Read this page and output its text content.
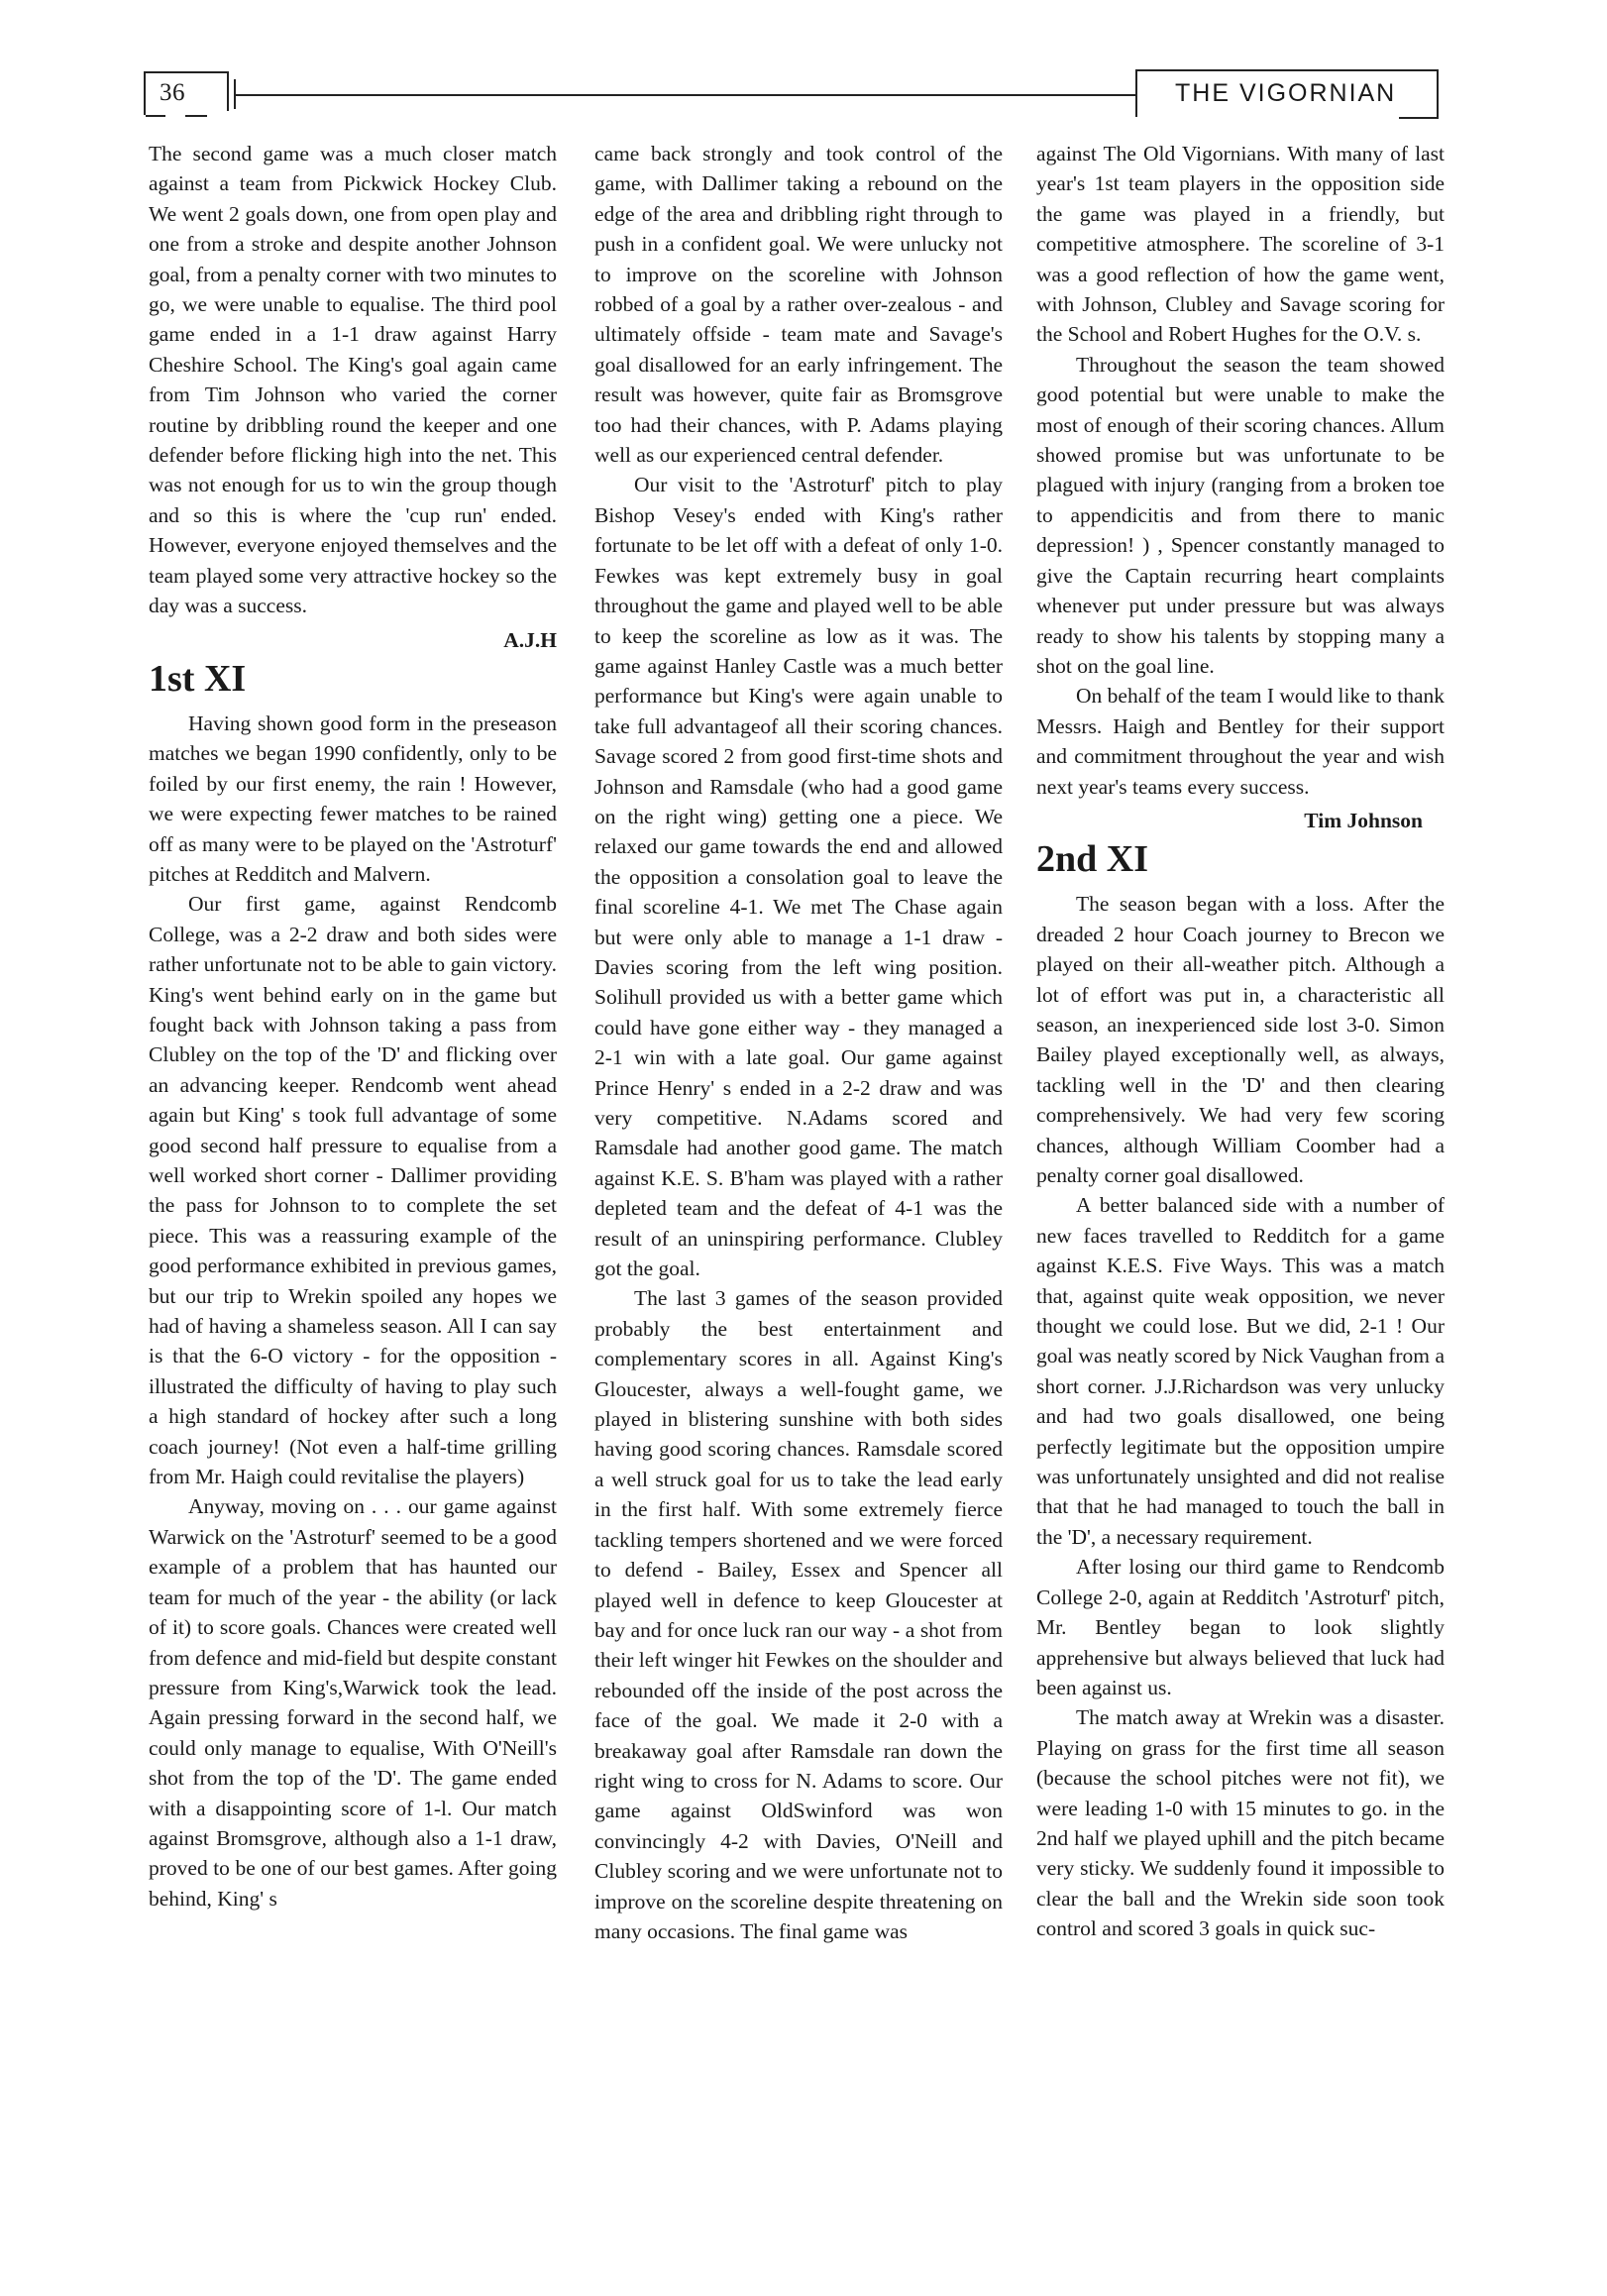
36	THE VIGORNIAN

The second game was a much closer match against a team from Pickwick Hockey Club. We went 2 goals down, one from open play and one from a stroke and despite another Johnson goal, from a penalty corner with two minutes to go, we were unable to equalise. The third pool game ended in a 1-1 draw against Harry Cheshire School. The King's goal again came from Tim Johnson who varied the corner routine by dribbling round the keeper and one defender before flicking high into the net. This was not enough for us to win the group though and so this is where the 'cup run' ended. However, everyone enjoyed themselves and the team played some very attractive hockey so the day was a success.

A.J.H
1st XI

Having shown good form in the preseason matches we began 1990 confidently, only to be foiled by our first enemy, the rain ! However, we were expecting fewer matches to be rained off as many were to be played on the 'Astroturf' pitches at Redditch and Malvern.

Our first game, against Rendcomb College, was a 2-2 draw and both sides were rather unfortunate not to be able to gain victory. King's went behind early on in the game but fought back with Johnson taking a pass from Clubley on the top of the 'D' and flicking over an advancing keeper. Rendcomb went ahead again but King' s took full advantage of some good second half pressure to equalise from a well worked short corner - Dallimer providing the pass for Johnson to to complete the set piece. This was a reassuring example of the good performance exhibited in previous games, but our trip to Wrekin spoiled any hopes we had of having a shameless season. All I can say is that the 6-O victory - for the opposition - illustrated the difficulty of having to play such a high standard of hockey after such a long coach journey! (Not even a half-time grilling from Mr. Haigh could revitalise the players)

Anyway, moving on . . . our game against Warwick on the 'Astroturf' seemed to be a good example of a problem that has haunted our team for much of the year - the ability (or lack of it) to score goals. Chances were created well from defence and mid-field but despite constant pressure from King's,Warwick took the lead. Again pressing forward in the second half, we could only manage to equalise, With O'Neill's shot from the top of the 'D'. The game ended with a disappointing score of 1-l. Our match against Bromsgrove, although also a 1-1 draw, proved to be one of our best games. After going behind, King' s

came back strongly and took control of the game, with Dallimer taking a rebound on the edge of the area and dribbling right through to push in a confident goal. We were unlucky not to improve on the scoreline with Johnson robbed of a goal by a rather over-zealous - and ultimately offside - team mate and Savage's goal disallowed for an early infringement. The result was however, quite fair as Bromsgrove too had their chances, with P. Adams playing well as our experienced central defender.

Our visit to the 'Astroturf' pitch to play Bishop Vesey's ended with King's rather fortunate to be let off with a defeat of only 1-0. Fewkes was kept extremely busy in goal throughout the game and played well to be able to keep the scoreline as low as it was. The game against Hanley Castle was a much better performance but King's were again unable to take full advantageof all their scoring chances. Savage scored 2 from good first-time shots and Johnson and Ramsdale (who had a good game on the right wing) getting one a piece. We relaxed our game towards the end and allowed the opposition a consolation goal to leave the final scoreline 4-1. We met The Chase again but were only able to manage a 1-1 draw - Davies scoring from the left wing position. Solihull provided us with a better game which could have gone either way - they managed a 2-1 win with a late goal. Our game against Prince Henry' s ended in a 2-2 draw and was very competitive. N.Adams scored and Ramsdale had another good game. The match against K.E. S. B'ham was played with a rather depleted team and the defeat of 4-1 was the result of an uninspiring performance. Clubley got the goal.

The last 3 games of the season provided probably the best entertainment and complementary scores in all. Against King's Gloucester, always a well-fought game, we played in blistering sunshine with both sides having good scoring chances. Ramsdale scored a well struck goal for us to take the lead early in the first half. With some extremely fierce tackling tempers shortened and we were forced to defend - Bailey, Essex and Spencer all played well in defence to keep Gloucester at bay and for once luck ran our way - a shot from their left winger hit Fewkes on the shoulder and rebounded off the inside of the post across the face of the goal. We made it 2-0 with a breakaway goal after Ramsdale ran down the right wing to cross for N. Adams to score. Our game against OldSwinford was won convincingly 4-2 with Davies, O'Neill and Clubley scoring and we were unfortunate not to improve on the scoreline despite threatening on many occasions. The final game was

against The Old Vigornians. With many of last year's 1st team players in the opposition side the game was played in a friendly, but competitive atmosphere. The scoreline of 3-1 was a good reflection of how the game went, with Johnson, Clubley and Savage scoring for the School and Robert Hughes for the O.V. s.

Throughout the season the team showed good potential but were unable to make the most of enough of their scoring chances. Allum showed promise but was unfortunate to be plagued with injury (ranging from a broken toe to appendicitis and from there to manic depression! ) , Spencer constantly managed to give the Captain recurring heart complaints whenever put under pressure but was always ready to show his talents by stopping many a shot on the goal line.

On behalf of the team I would like to thank Messrs. Haigh and Bentley for their support and commitment throughout the year and wish next year's teams every success.

Tim Johnson
2nd XI

The season began with a loss. After the dreaded 2 hour Coach journey to Brecon we played on their all-weather pitch. Although a lot of effort was put in, a characteristic all season, an inexperienced side lost 3-0. Simon Bailey played exceptionally well, as always, tackling well in the 'D' and then clearing comprehensively. We had very few scoring chances, although William Coomber had a penalty corner goal disallowed.

A better balanced side with a number of new faces travelled to Redditch for a game against K.E.S. Five Ways. This was a match that, against quite weak opposition, we never thought we could lose. But we did, 2-1 ! Our goal was neatly scored by Nick Vaughan from a short corner. J.J.Richardson was very unlucky and had two goals disallowed, one being perfectly legitimate but the opposition umpire was unfortunately unsighted and did not realise that that he had managed to touch the ball in the 'D', a necessary requirement.

After losing our third game to Rendcomb College 2-0, again at Redditch 'Astroturf' pitch, Mr. Bentley began to look slightly apprehensive but always believed that luck had been against us.

The match away at Wrekin was a disaster. Playing on grass for the first time all season (because the school pitches were not fit), we were leading 1-0 with 15 minutes to go. in the 2nd half we played uphill and the pitch became very sticky. We suddenly found it impossible to clear the ball and the Wrekin side soon took control and scored 3 goals in quick suc-
